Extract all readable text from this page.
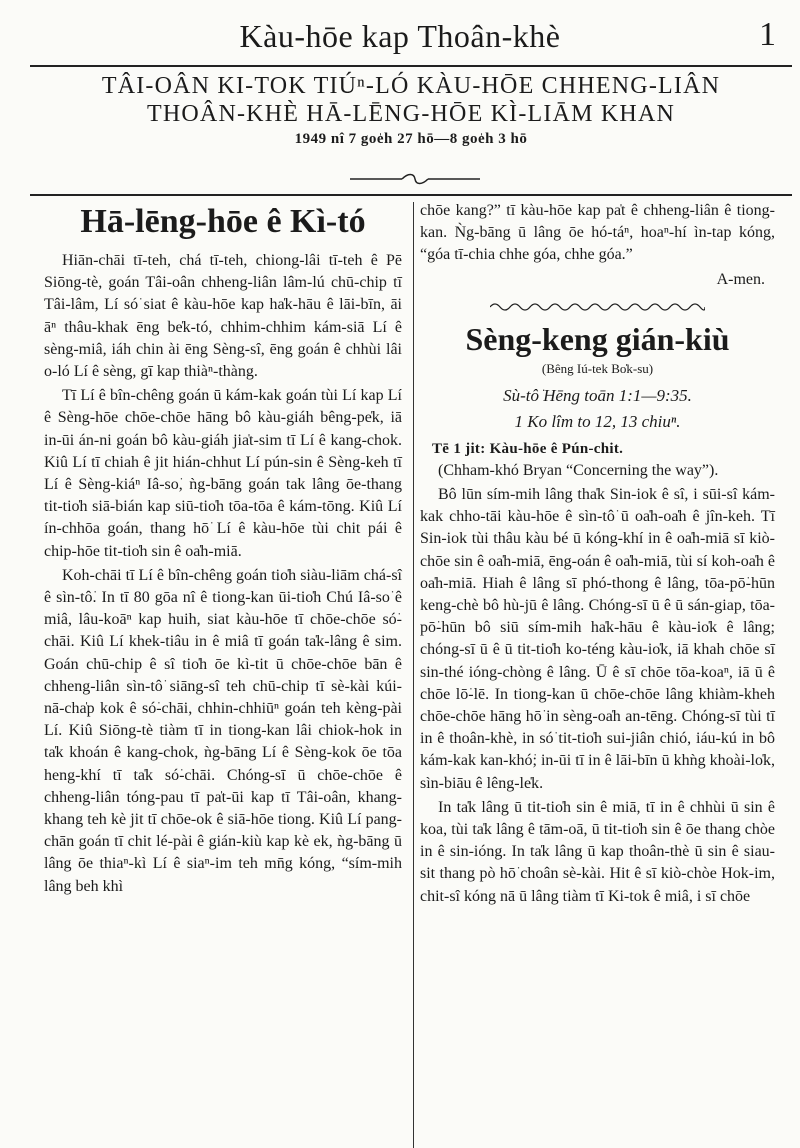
Kàu-hōe kap Thoân-khè	1
TÂI-OÂN KI-TOK TIÚⁿ-LÓ KÀU-HŌE CHHENG-LIÂN
THOÂN-KHÈ HĀ-LĒNG-HŌE KÌ-LIĀM KHAN
1949 nî 7 goe̍h 27 hō—8 goe̍h 3 hō
Hā-lēng-hōe ê Kì-tó

Hiān-chāi tī-teh, chá tī-teh, chiong-lâi tī-teh ê Pē Siōng-tè, goán Tâi-oân chheng-liân lâm-lú chū-chip tī Tâi-lâm, Lí só͘ siat ê kàu-hōe kap ha̍k-hāu ê lāi-bīn, āi āⁿ thâu-khak ēng be̍k-tó, chhim-chhim kám-siā Lí ê sèng-miâ, iáh chin ài ēng Sèng-sî, ēng goán ê chhùi lâi o-ló Lí ê sèng, gī kap thiàⁿ-thàng.

Tī Lí ê bîn-chêng goán ū kám-kak goán tùi Lí kap Lí ê Sèng-hōe chōe-chōe hāng bô kàu-giáh bêng-pe̍k, iā in-ūi án-ni goán bô kàu-giáh jia̍t-sim tī Lí ê kang-chok. Kiû Lí tī chiah ê jit hián-chhut Lí pún-sin ê Sèng-keh tī Lí ê Sèng-kiáⁿ Iâ-so͘, ǹg-bāng goán tak lâng ōe-thang tit-tio̍h siā-bián kap siū-tio̍h tōa-tōa ê kám-tōng. Kiû Lí ín-chhōa goán, thang hō͘ Lí ê kàu-hōe tùi chit pái ê chip-hōe tit-tio̍h sin ê oa̍h-miā.

Koh-chāi tī Lí ê bîn-chêng goán tio̍h siàu-liām chá-sî ê sìn-tô͘. In tī 80 gōa nî ê tiong-kan ūi-tio̍h Chú Iâ-so͘ ê miâ, lâu-koāⁿ kap huih, siat kàu-hōe tī chōe-chōe só͘-chāi. Kiû Lí khek-tiâu in ê miâ tī goán ta̍k-lâng ê sim. Goán chū-chip ê sî tio̍h ōe kì-tit ū chōe-chōe bān ê chheng-liân sìn-tô͘ siāng-sî teh chū-chip tī sè-kài kúi-nā-cha̍p kok ê só͘-chāi, chhin-chhiūⁿ goán teh kèng-pài Lí. Kiû Siōng-tè tiàm tī in tiong-kan lâi chiok-hok in ta̍k khoán ê kang-chok, ǹg-bāng Lí ê Sèng-kok ōe tōa heng-khí tī ta̍k só͘-chāi. Chóng-sī ū chōe-chōe ê chheng-liân tóng-pau tī pa̍t-ūi kap tī Tâi-oân, khang-khang teh kè jit tī chōe-ok ê siā-hōe tiong. Kiû Lí pang-chān goán tī chit lé-pài ê gián-kiù kap kè ek, ǹg-bāng ū lâng ōe thiaⁿ-kì Lí ê siaⁿ-im teh mn̄g kóng, “sím-mih lâng beh khì

chōe kang?” tī kàu-hōe kap pa̍t ê chheng-liân ê tiong-kan. Ǹg-bāng ū lâng ōe hó-táⁿ, hoaⁿ-hí ìn-tap kóng, “góa tī-chia chhe góa, chhe góa.”

A-men.

Sèng-keng gián-kiù
(Bêng Iú-tek Bo̍k-su)
Sù-tô͘ Hēng toān 1:1—9:35.
1 Ko lîm to 12, 13 chiuⁿ.
Tē 1 jit: Kàu-hōe ê Pún-chit.

(Chham-khó Bryan “Concerning the way”).

Bô lūn sím-mih lâng tha̍k Sin-iok ê sî, i sūi-sî kám-kak chho-tāi kàu-hōe ê sìn-tô͘ ū oa̍h-oa̍h ê jîn-keh. Tī Sin-iok tùi thâu kàu bé ū kóng-khí in ê oa̍h-miā sī kiò-chōe sin ê oa̍h-miā, ēng-oán ê oa̍h-miā, tùi sí koh-oa̍h ê oa̍h-miā. Hiah ê lâng sī phó-thong ê lâng, tōa-pō͘-hūn keng-chè bô hù-jū ê lâng. Chóng-sī ū ê ū sán-giap, tōa-pō͘-hūn bô siū sím-mih ha̍k-hāu ê kàu-io̍k ê lâng; chóng-sī ū ê ū tit-tio̍h ko-téng kàu-io̍k, iā khah chōe sī sin-thé ióng-chòng ê lâng. Ū ê sī chōe tōa-koaⁿ, iā ū ê chōe lō͘-lē. In tiong-kan ū chōe-chōe lâng khiàm-kheh chōe-chōe hāng hō͘ in sèng-oa̍h an-tēng. Chóng-sī tùi tī in ê thoân-khè, in só͘ tit-tio̍h sui-jiân chió, iáu-kú in bô kám-kak kan-khó͘; in-ūi tī in ê lāi-bīn ū khǹg khoài-lo̍k, sìn-biāu ê lêng-le̍k.

In ta̍k lâng ū tit-tio̍h sin ê miā, tī in ê chhùi ū sin ê koa, tùi ta̍k lâng ê tām-oā, ū tit-tio̍h sin ê ōe thang chòe in ê sin-ióng. In ta̍k lâng ū kap thoân-thè ū sin ê siau-sit thang pò hō͘ choân sè-kài. Hit ê sī kiò-chòe Hok-im, chit-sî kóng nā ū lâng tiàm tī Ki-tok ê miâ, i sī chōe
